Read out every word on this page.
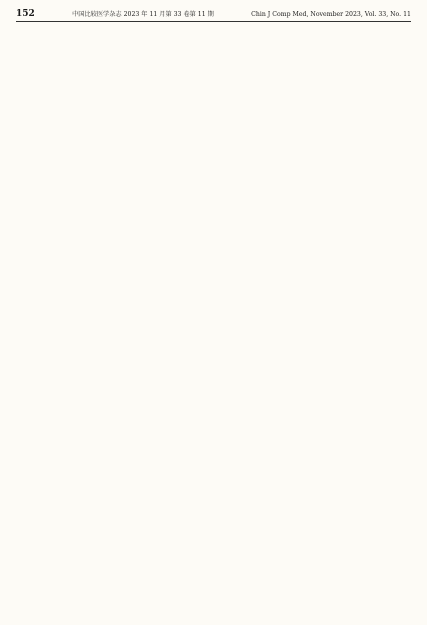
152	中国比较医学杂志 2023 年 11 月第 33 卷第 11 期	Chin J Comp Med, November 2023, Vol. 33, No. 11
